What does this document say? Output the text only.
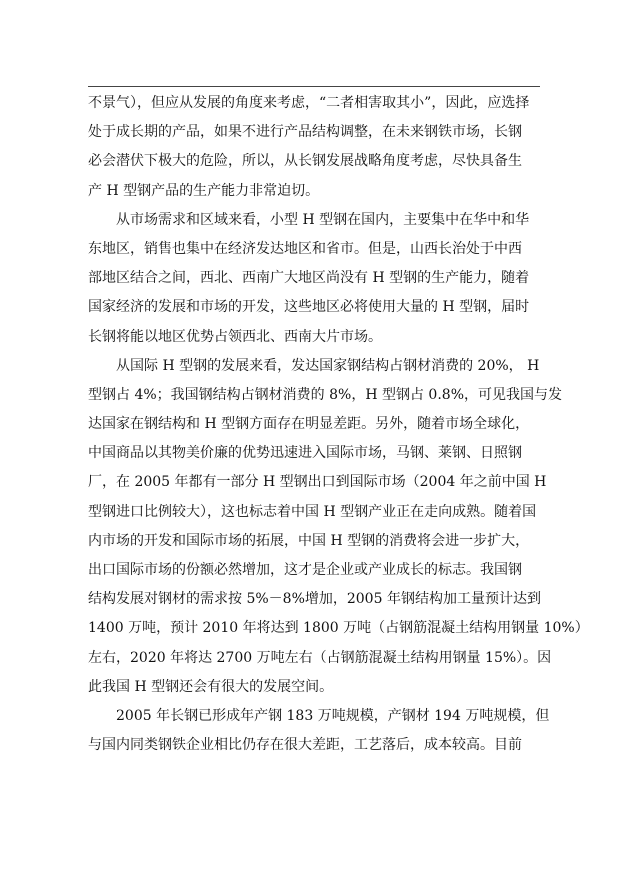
不景气），但应从发展的角度来考虑，“二者相害取其小”，因此，应选择
处于成长期的产品，如果不进行产品结构调整，在未来钢铁市场，长钢
必会潜伏下极大的危险，所以，从长钢发展战略角度考虑，尽快具备生
产 H 型钢产品的生产能力非常迫切。
从市场需求和区域来看，小型 H 型钢在国内，主要集中在华中和华
东地区，销售也集中在经济发达地区和省市。但是，山西长治处于中西
部地区结合之间，西北、西南广大地区尚没有 H 型钢的生产能力，随着
国家经济的发展和市场的开发，这些地区必将使用大量的 H 型钢，届时
长钢将能以地区优势占领西北、西南大片市场。
从国际 H 型钢的发展来看，发达国家钢结构占钢材消费的 20%， H
型钢占 4%；我国钢结构占钢材消费的 8%，H 型钢占 0.8%，可见我国与发
达国家在钢结构和 H 型钢方面存在明显差距。另外，随着市场全球化，
中国商品以其物美价廉的优势迅速进入国际市场，马钢、莱钢、日照钢
厂，在 2005 年都有一部分 H 型钢出口到国际市场（2004 年之前中国 H
型钢进口比例较大），这也标志着中国 H 型钢产业正在走向成熟。随着国
内市场的开发和国际市场的拓展，中国 H 型钢的消费将会进一步扩大，
出口国际市场的份额必然增加，这才是企业或产业成长的标志。我国钢
结构发展对钢材的需求按 5%－8%增加，2005 年钢结构加工量预计达到
1400 万吨，预计 2010 年将达到 1800 万吨（占钢筋混凝土结构用钢量 10%）
左右，2020 年将达 2700 万吨左右（占钢筋混凝土结构用钢量 15%）。因
此我国 H 型钢还会有很大的发展空间。
2005 年长钢已形成年产钢 183 万吨规模，产钢材 194 万吨规模，但
与国内同类钢铁企业相比仍存在很大差距，工艺落后，成本较高。目前
